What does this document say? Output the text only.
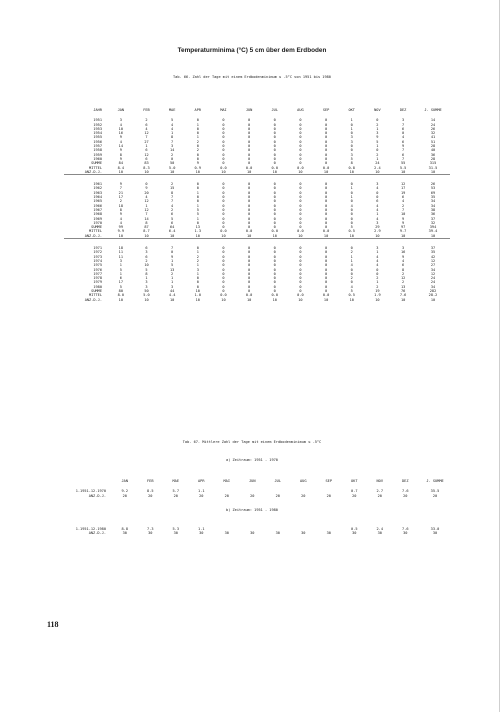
Temperaturminima (°C) 5 cm über dem Erdboden
Tab. 66. Zahl der Tage mit einem Erdbodenminimum ≤ -5°C von 1951 bis 1980
JAHR	JAN	FEB	MAE	APR	MAI	JUN	JUL	AUG	SEP	OKT	NOV	DEZ	J. SUMME

1951	3	2	5	0	0	0	0	0	0	1	0	3	14
1952	4	6	4	1	0	0	0	0	0	0	2	7	24
1953	10	4	4	0	0	0	0	0	0	1	1	6	26
1954	16	12	1	0	0	0	0	0	0	0	3	0	32
1955	9	7	8	1	0	0	0	0	0	3	9	4	41
1956	4	27	7	2	0	0	0	0	0	3	5	6	51
1957	14	1	3	0	0	0	0	0	0	0	1	9	28
1958	9	6	14	2	0	0	0	0	0	0	0	7	40
1959	8	12	2	0	0	0	0	0	0	3	2	6	36
1960	9	6	0	0	0	0	0	0	0	5	1	7	28
SUMME	84	83	50	9	0	0	0	0	0	8	24	55	315
MITTEL	8.4	8.3	5.0	0.9	0.0	0.0	0.0	0.0	0.0	0.8	2.4	5.5	31.5
ANZ.D.J.	10	10	10	10	10	10	10	10	10	10	10	10	10

1961	9	0	2	0	0	0	0	0	0	0	3	12	26
1962	7	9	15	0	0	0	0	0	0	1	4	17	53
1963	21	20	8	1	0	0	0	0	0	0	0	19	69
1964	17	4	7	0	0	0	0	0	0	1	0	6	35
1965	2	12	7	0	0	0	0	0	0	0	6	4	34
1966	18	1	4	1	0	0	0	0	0	4	4	2	34
1967	8	12	2	5	0	0	0	0	0	0	4	7	38
1968	9	7	6	5	0	0	0	0	0	0	1	10	36
1969	4	14	5	1	0	0	0	0	0	0	4	9	37
1970	4	8	6	0	0	0	0	0	0	0	3	9	32
SUMME	99	87	64	13	0	0	0	0	0	5	29	97	394
MITTEL	9.9	8.7	6.4	1.3	0.0	0.0	0.0	0.0	0.0	0.5	2.9	9.7	39.4
ANZ.D.J.	10	10	10	10	10	10	10	10	10	10	10	10	10

1971	18	6	7	0	0	0	0	0	0	0	3	3	37
1972	11	3	0	1	0	0	0	0	0	2	1	16	35
1973	11	6	9	2	0	0	0	0	0	1	4	9	42
1974	3	2	1	2	0	0	0	0	0	1	4	4	12
1975	1	10	5	1	0	0	0	0	0	4	4	6	27
1976	5	5	13	3	0	0	0	0	0	0	0	8	34
1977	1	8	2	1	0	0	0	0	0	0	0	2	12
1978	6	1	1	0	0	0	0	0	0	2	2	12	24
1979	17	3	1	0	0	0	0	0	0	0	1	2	24
1980	5	3	3	0	0	0	0	0	0	4	2	13	34
SUMME	80	50	44	10	0	0	0	0	0	5	19	76	282
MITTEL	8.0	5.0	4.4	1.0	0.0	0.0	0.0	0.0	0.0	0.5	1.9	7.6	28.2
ANZ.D.J.	10	10	10	10	10	10	10	10	10	10	10	10	10
Tab. 67. Mittlere Zahl der Tage mit einem Erdbodenminimum ≤ -5°C
a) Zeitraum: 1951 - 1970
	JAN	FEB	MAE	APR	MAI	JUN	JUL	AUG	SEP	OKT	NOV	DEZ	J. SUMME

1.1951-12.1970	9.2	8.5	5.7	1.1						0.7	2.7	7.6	35.5
ANZ.D.J.	20	20	20	20	20	20	20	20	20	20	20	20	20
b) Zeitraum: 1951 - 1980
1.1951-12.1980	8.8	7.3	5.3	1.1						0.5	2.4	7.6	33.0
ANZ.D.J.	30	30	30	30	30	30	30	30	30	30	30	30	30
118
